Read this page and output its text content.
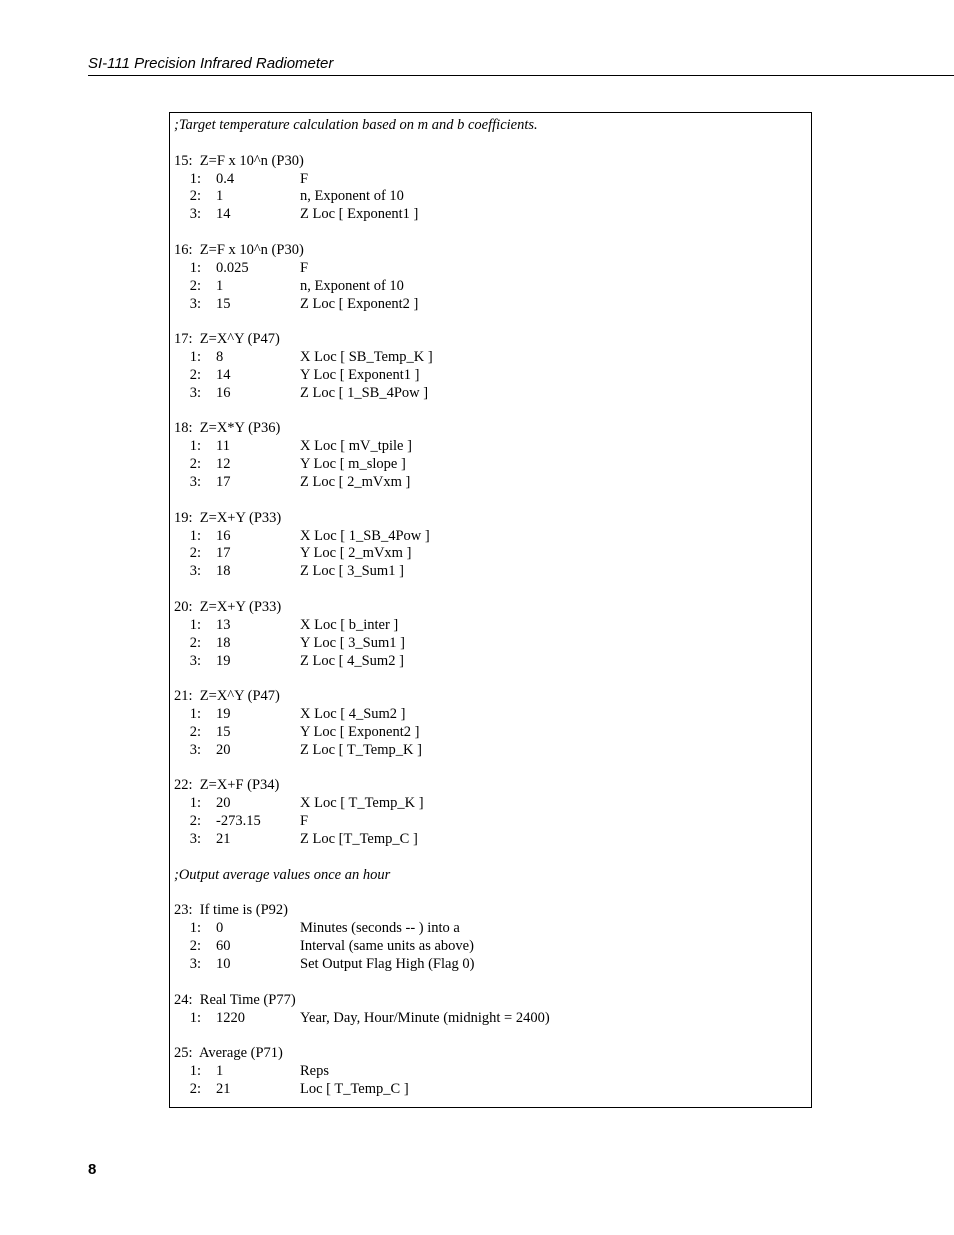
SI-111 Precision Infrared Radiometer
;Target temperature calculation based on m and b coefficients.
15:  Z=F x 10^n (P30)
1: 0.4	F
2: 1	n, Exponent of 10
3: 14	Z Loc [ Exponent1 ]
16:  Z=F x 10^n (P30)
1: 0.025	F
2: 1	n, Exponent of 10
3: 15	Z Loc [ Exponent2 ]
17:  Z=X^Y (P47)
1: 8	X Loc [ SB_Temp_K ]
2: 14	Y Loc [ Exponent1 ]
3: 16	Z Loc [ 1_SB_4Pow ]
18:  Z=X*Y (P36)
1: 11	X Loc [ mV_tpile ]
2: 12	Y Loc [ m_slope ]
3: 17	Z Loc [ 2_mVxm ]
19:  Z=X+Y (P33)
1: 16	X Loc [ 1_SB_4Pow ]
2: 17	Y Loc [ 2_mVxm ]
3: 18	Z Loc [ 3_Sum1 ]
20:  Z=X+Y (P33)
1: 13	X Loc [ b_inter ]
2: 18	Y Loc [ 3_Sum1 ]
3: 19	Z Loc [ 4_Sum2 ]
21:  Z=X^Y (P47)
1: 19	X Loc [ 4_Sum2 ]
2: 15	Y Loc [ Exponent2 ]
3: 20	Z Loc [ T_Temp_K ]
22:  Z=X+F (P34)
1: 20	X Loc [ T_Temp_K ]
2: -273.15	F
3: 21	Z Loc [T_Temp_C ]
;Output average values once an hour
23:  If time is (P92)
1: 0	Minutes (seconds -- ) into a
2: 60	Interval (same units as above)
3: 10	Set Output Flag High (Flag 0)
24:  Real Time (P77)
1: 1220	Year, Day, Hour/Minute (midnight = 2400)
25:  Average (P71)
1: 1	Reps
2: 21	Loc [ T_Temp_C ]
8
